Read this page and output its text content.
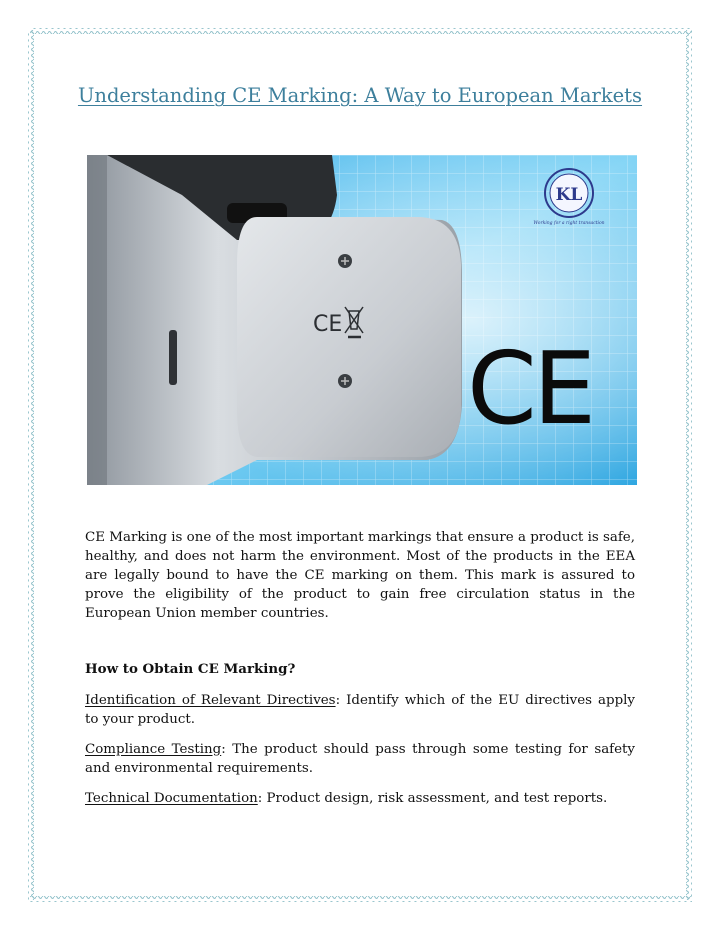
Understanding CE Marking: A Way to European Markets
CE
CE
KL
Working for a right transaction

CE Marking is one of the most important markings that ensure a product is safe, healthy, and does not harm the environment. Most of the products in the EEA are legally bound to have the CE marking on them. This mark is assured to prove the eligibility of the product to gain free circulation status in the European Union member countries.

How to Obtain CE Marking?

Identification of Relevant Directives: Identify which of the EU directives apply to your product.

Compliance Testing: The product should pass through some testing for safety and environmental requirements.

Technical Documentation: Product design, risk assessment, and test reports.
